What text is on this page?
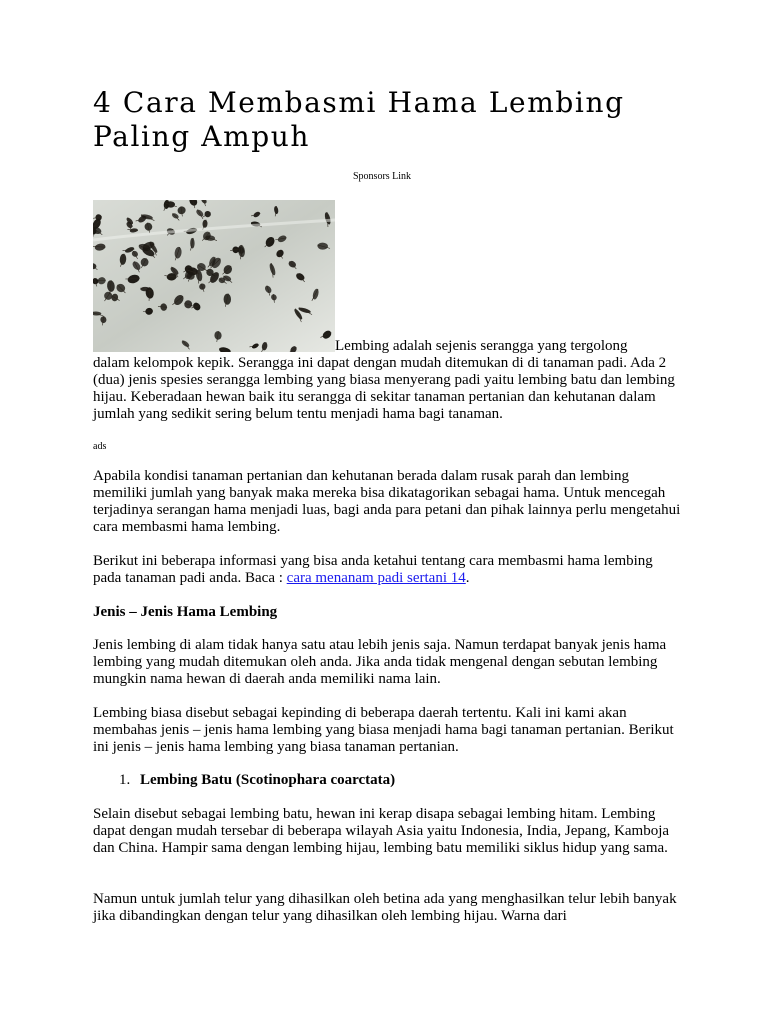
4 Cara Membasmi Hama Lembing Paling Ampuh
Sponsors Link
Lembing adalah sejenis serangga yang tergolong

dalam kelompok kepik. Serangga ini dapat dengan mudah ditemukan di di tanaman padi. Ada 2 (dua) jenis spesies serangga lembing yang biasa menyerang padi yaitu lembing batu dan lembing hijau. Keberadaan hewan baik itu serangga di sekitar tanaman pertanian dan kehutanan dalam jumlah yang sedikit sering belum tentu menjadi hama bagi tanaman.

ads

Apabila kondisi tanaman pertanian dan kehutanan berada dalam rusak parah dan lembing memiliki jumlah yang banyak maka mereka bisa dikatagorikan sebagai hama. Untuk mencegah terjadinya serangan hama menjadi luas, bagi anda para petani dan pihak lainnya perlu mengetahui cara membasmi hama lembing.

Berikut ini beberapa informasi yang bisa anda ketahui tentang cara membasmi hama lembing pada tanaman padi anda. Baca : cara menanam padi sertani 14.

Jenis – Jenis Hama Lembing

Jenis lembing di alam tidak hanya satu atau lebih jenis saja. Namun terdapat banyak jenis hama lembing yang mudah ditemukan oleh anda. Jika anda tidak mengenal dengan sebutan lembing mungkin nama hewan di daerah anda memiliki nama lain.

Lembing biasa disebut sebagai kepinding di beberapa daerah tertentu. Kali ini kami akan membahas jenis – jenis hama lembing yang biasa menjadi hama bagi tanaman pertanian. Berikut ini jenis – jenis hama lembing yang biasa tanaman pertanian.

1. Lembing Batu (Scotinophara coarctata)

Selain disebut sebagai lembing batu, hewan ini kerap disapa sebagai lembing hitam. Lembing dapat dengan mudah tersebar di beberapa wilayah Asia yaitu Indonesia, India, Jepang, Kamboja dan China. Hampir sama dengan lembing hijau, lembing batu memiliki siklus hidup yang sama.

Namun untuk jumlah telur yang dihasilkan oleh betina ada yang menghasilkan telur lebih banyak jika dibandingkan dengan telur yang dihasilkan oleh lembing hijau. Warna dari
